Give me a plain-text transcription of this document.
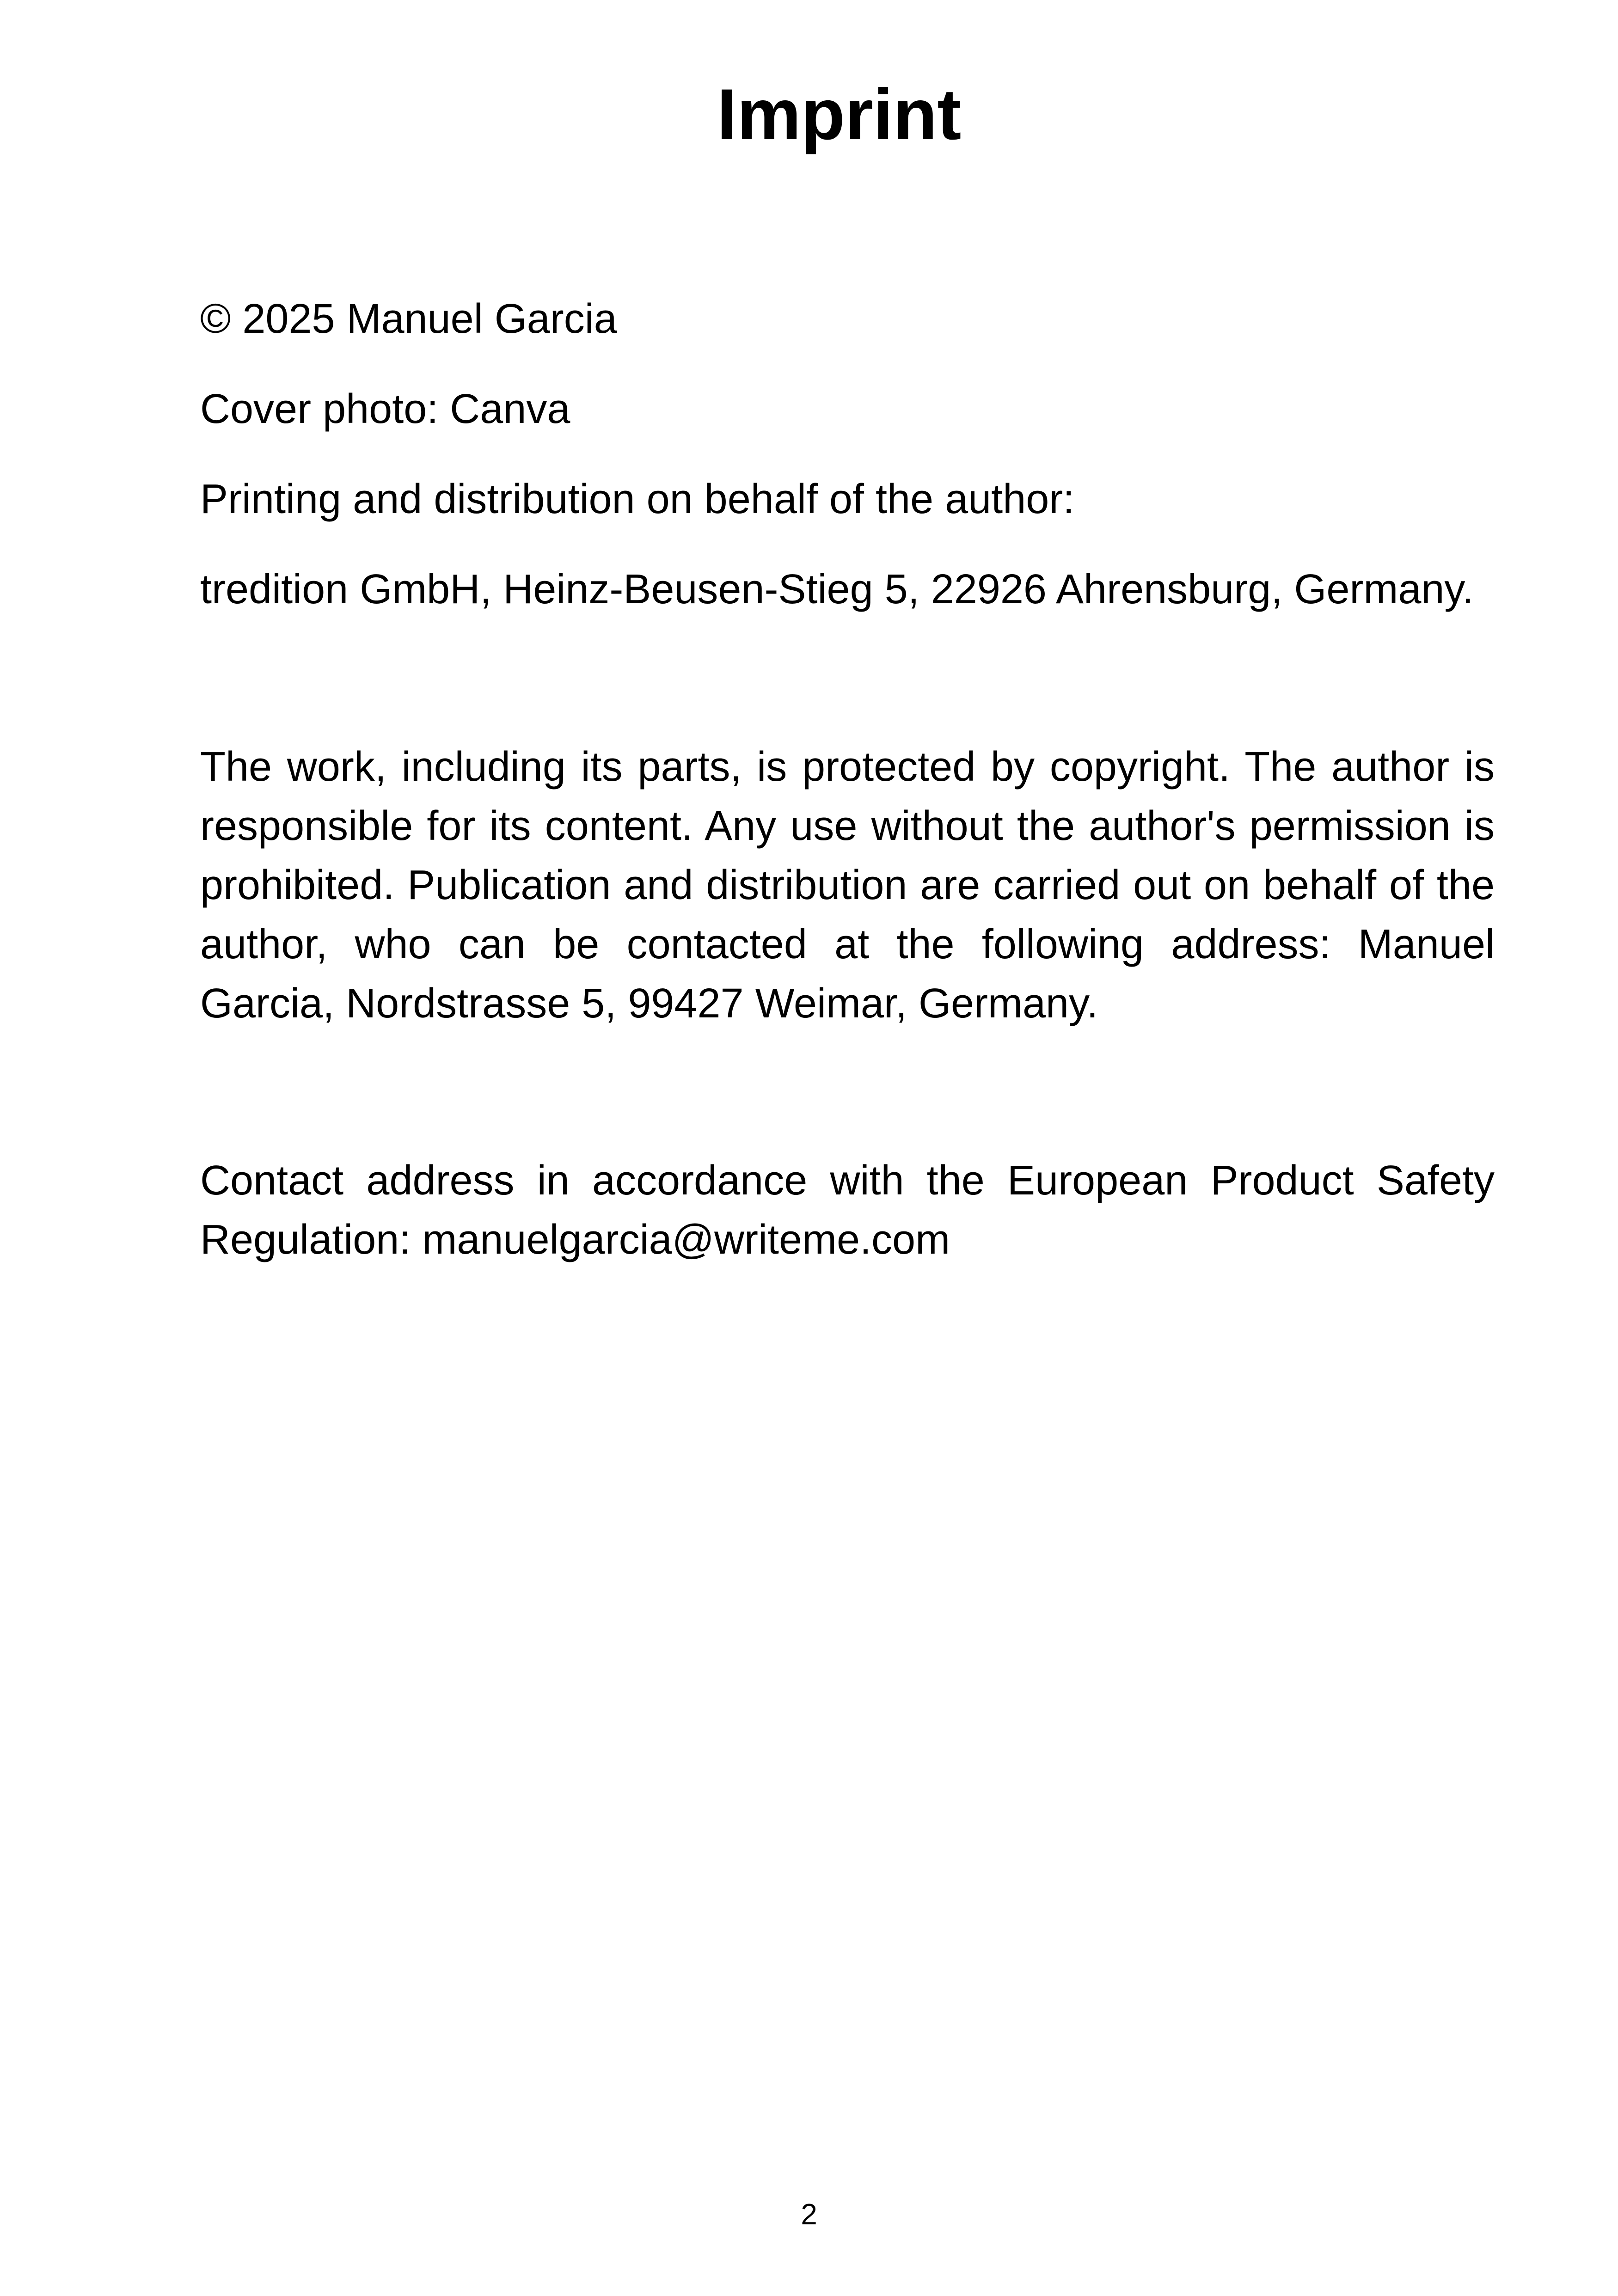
Imprint
© 2025 Manuel Garcia
Cover photo: Canva
Printing and distribution on behalf of the author:
tredition GmbH, Heinz-Beusen-Stieg 5, 22926 Ahrensburg, Germany.
The work, including its parts, is protected by copyright. The author is responsible for its content. Any use without the author's permission is prohibited. Publication and distribution are carried out on behalf of the author, who can be contacted at the following address: Manuel Garcia, Nordstrasse 5, 99427 Weimar, Germany.
Contact address in accordance with the European Product Safety Regulation: manuelgarcia@writeme.com
2
